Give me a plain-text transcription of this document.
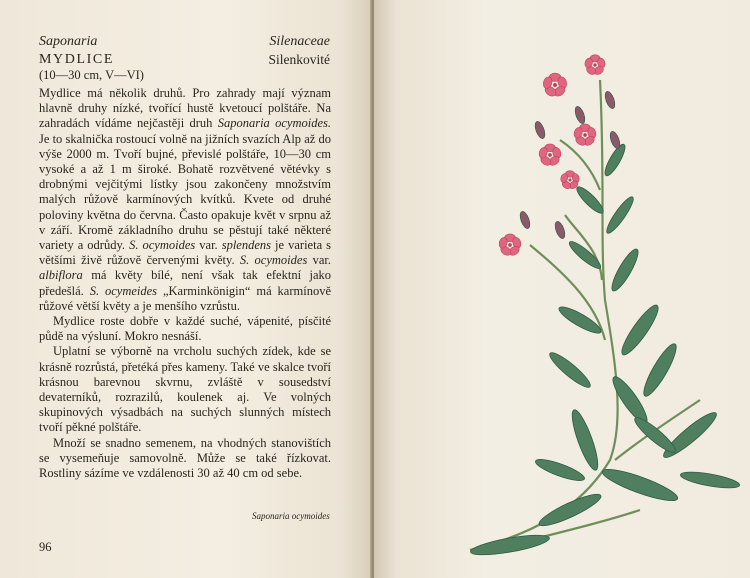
Saponaria	Silenaceae
MYDLICE	Silenkovité
(10—30 cm, V—VI)

Mydlice má několik druhů. Pro zahrady mají význam hlavně druhy nízké, tvořící hustě kvetoucí polštáře. Na zahradách vídáme nejčastěji druh Saponaria ocymoides. Je to skalnička rostoucí volně na jižních svazích Alp až do výše 2000 m. Tvoří bujné, převislé polštáře, 10—30 cm vysoké a až 1 m široké. Bohatě rozvětvené větévky s drobnými vejčitými lístky jsou zakončeny množstvím malých růžově karmínových kvítků. Kvete od druhé poloviny května do června. Často opakuje květ v srpnu až v září. Kromě základního druhu se pěstují také některé variety a odrůdy. S. ocymoides var. splendens je varieta s většími živě růžově červenými květy. S. ocymoides var. albiflora má květy bílé, není však tak efektní jako předešlá. S. ocymeides „Karminkönigin“ má karmínově růžové větší květy a je menšího vzrůstu.

Mydlice roste dobře v každé suché, vápenité, písčité půdě na výsluní. Mokro nesnáší.

Uplatní se výborně na vrcholu suchých zídek, kde se krásně rozrůstá, přetéká přes kameny. Také ve skalce tvoří krásnou barevnou skvrnu, zvláště v sousedství devaterníků, rozrazilů, koulenek aj. Ve volných skupinových výsadbách na suchých slunných místech tvoří pěkné polštáře.

Množí se snadno semenem, na vhodných stanovištích se vysemeňuje samovolně. Může se také řízkovat. Rostliny sázíme ve vzdálenosti 30 až 40 cm od sebe.

Saponaria ocymoides
96
